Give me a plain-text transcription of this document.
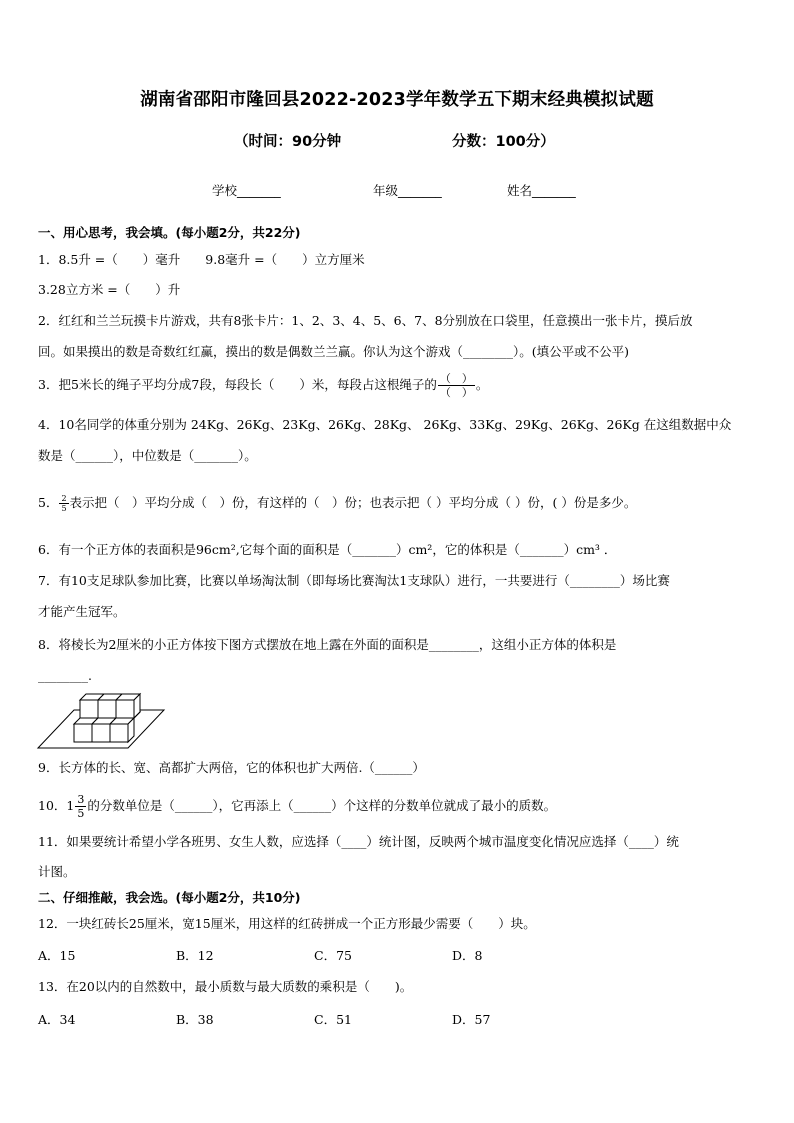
湖南省邵阳市隆回县2022-2023学年数学五下期末经典模拟试题
（时间：90分钟	分数：100分）
学校_______	年级_______	姓名_______
一、用心思考，我会填。(每小题2分，共22分)
1．8.5升 =（　　）毫升　　9.8毫升 =（　　）立方厘米
3.28立方米 =（　　）升
2．红红和兰兰玩摸卡片游戏，共有8张卡片：1、2、3、4、5、6、7、8分别放在口袋里，任意摸出一张卡片，摸后放
回。如果摸出的数是奇数红红赢，摸出的数是偶数兰兰赢。你认为这个游戏（________）。(填公平或不公平)
3．把5米长的绳子平均分成7段，每段长（　　）米，每段占这根绳子的 $\frac{( )}{( )}$ 。
4．10名同学的体重分别为 24Kg、26Kg、23Kg、26Kg、28Kg、 26Kg、33Kg、29Kg、26Kg、26Kg 在这组数据中众
数是（______），中位数是（_______）。
5． $\frac{2}{5}$ 表示把（　）平均分成（　）份，有这样的（　）份；也表示把（ ）平均分成（ ）份，( ）份是多少。
6．有一个正方体的表面积是96cm²,它每个面的面积是（_______）cm²，它的体积是（_______）cm³ ．
7．有10支足球队参加比赛，比赛以单场淘汰制（即每场比赛淘汰1支球队）进行，一共要进行（________）场比赛
才能产生冠军。
8．将棱长为2厘米的小正方体按下图方式摆放在地上露在外面的面积是________，这组小正方体的体积是
________.
9．长方体的长、宽、高都扩大两倍，它的体积也扩大两倍.（______）
10．$1 \frac{3}{5}$ 的分数单位是（______），它再添上（______）个这样的分数单位就成了最小的质数。
11．如果要统计希望小学各班男、女生人数，应选择（____）统计图，反映两个城市温度变化情况应选择（____）统
计图。
二、仔细推敲，我会选。(每小题2分，共10分)
12．一块红砖长25厘米，宽15厘米，用这样的红砖拼成一个正方形最少需要（　　）块。
A．15	B．12	C．75	D．8
13．在20以内的自然数中，最小质数与最大质数的乘积是（　　)。
A．34	B．38	C．51	D．57
